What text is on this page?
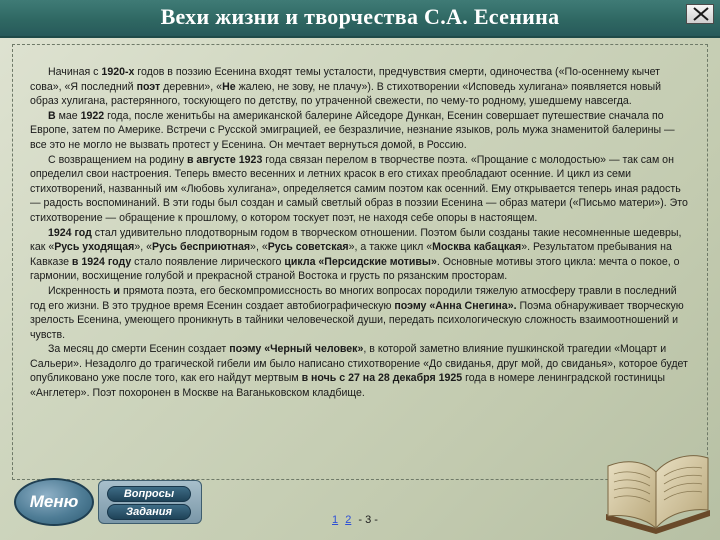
Вехи жизни и творчества С.А. Есенина

Начиная с 1920-х годов в поэзию Есенина входят темы усталости, предчувствия смерти, одиночества («По-осеннему кычет сова», «Я последний поэт деревни», «Не жалею, не зову, не плачу»). В стихотворении «Исповедь хулигана» появляется новый образ хулигана, растерянного, тоскующего по детству, по утраченной свежести, по чему-то родному, ушедшему навсегда.

В мае 1922 года, после женитьбы на американской балерине Айседоре Дункан, Есенин совершает путешествие сначала по Европе, затем по Америке. Встречи с Русской эмиграцией, ее безразличие, незнание языков, роль мужа знаменитой балерины — все это не могло не вызвать протест у Есенина. Он мечтает вернуться домой, в Россию.

С возвращением на родину в августе 1923 года связан перелом в творчестве поэта. «Прощание с молодостью» — так сам он определил свои настроения. Теперь вместо весенних и летних красок в его стихах преобладают осенние. И цикл из семи стихотворений, названный им «Любовь хулигана», определяется самим поэтом как осенний. Ему открывается теперь иная радость — радость воспоминаний. В эти годы был создан и самый светлый образ в поэзии Есенина — образ матери («Письмо матери»). Это стихотворение — обращение к прошлому, о котором тоскует поэт, не находя себе опоры в настоящем.

1924 год стал удивительно плодотворным годом в творческом отношении. Поэтом были созданы такие несомненные шедевры, как «Русь уходящая», «Русь бесприютная», «Русь советская», а также цикл «Москва кабацкая». Результатом пребывания на Кавказе в 1924 году стало появление лирического цикла «Персидские мотивы». Основные мотивы этого цикла: мечта о покое, о гармонии, восхищение голубой и прекрасной страной Востока и грусть по рязанским просторам.

Искренность и прямота поэта, его бескомпромиссность во многих вопросах породили тяжелую атмосферу травли в последний год его жизни. В это трудное время Есенин создает автобиографическую поэму «Анна Снегина». Поэма обнаруживает творческую зрелость Есенина, умеющего проникнуть в тайники человеческой души, передать психологическую сложность взаимоотношений и чувств.

За месяц до смерти Есенин создает поэму «Черный человек», в которой заметно влияние пушкинской трагедии «Моцарт и Сальери». Незадолго до трагической гибели им было написано стихотворение «До свиданья, друг мой, до свиданья», которое будет опубликовано уже после того, как его найдут мертвым в ночь с 27 на 28 декабря 1925 года в номере ленинградской гостиницы «Англетер». Поэт похоронен в Москве на Ваганьковском кладбище.

Меню	Вопросы
Задания
1 2 - 3 -
